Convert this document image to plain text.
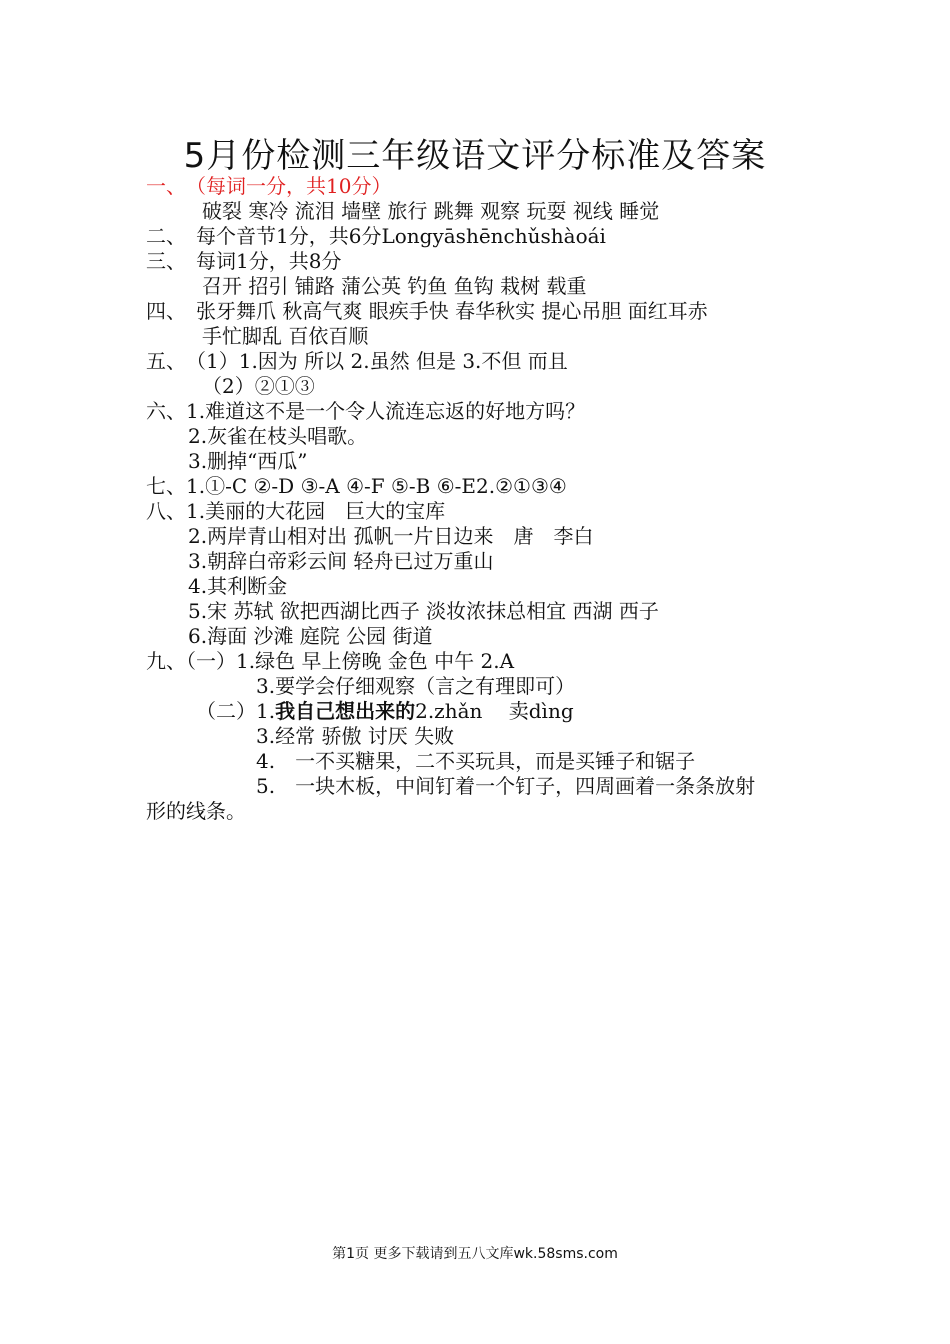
5月份检测三年级语文评分标准及答案
一、　（每词一分，共10分）
破裂 寒冷 流泪 墙壁 旅行 跳舞 观察 玩耍 视线 睡觉
二、　每个音节1分，共6分Longyāshēnchǔshàoái
三、　每词1分，共8分
召开 招引 铺路 蒲公英 钓鱼 鱼钩 栽树 载重
四、　张牙舞爪 秋高气爽 眼疾手快 春华秋实 提心吊胆 面红耳赤
手忙脚乱 百依百顺
五、　（1）1.因为 所以 2.虽然 但是 3.不但 而且
（2）②①③
六、1.难道这不是一个令人流连忘返的好地方吗？
2.灰雀在枝头唱歌。
3.删掉“西瓜”
七、1.①-C ②-D ③-A ④-F ⑤-B ⑥-E2.②①③④
八、1.美丽的大花园　巨大的宝库
2.两岸青山相对出 孤帆一片日边来　唐　李白
3.朝辞白帝彩云间 轻舟已过万重山
4.其利断金
5.宋 苏轼 欲把西湖比西子 淡妆浓抹总相宜 西湖 西子
6.海面 沙滩 庭院 公园 街道
九、（一）1.绿色 早上傍晚 金色 中午 2.A
3.要学会仔细观察（言之有理即可）
（二）1.我自己想出来的2.zhǎn　 卖dìng
3.经常 骄傲 讨厌 失败
4.　一不买糖果，二不买玩具，而是买锤子和锯子
5.　一块木板，中间钉着一个钉子，四周画着一条条放射
形的线条。
第1页 更多下载请到五八文库wk.58sms.com
